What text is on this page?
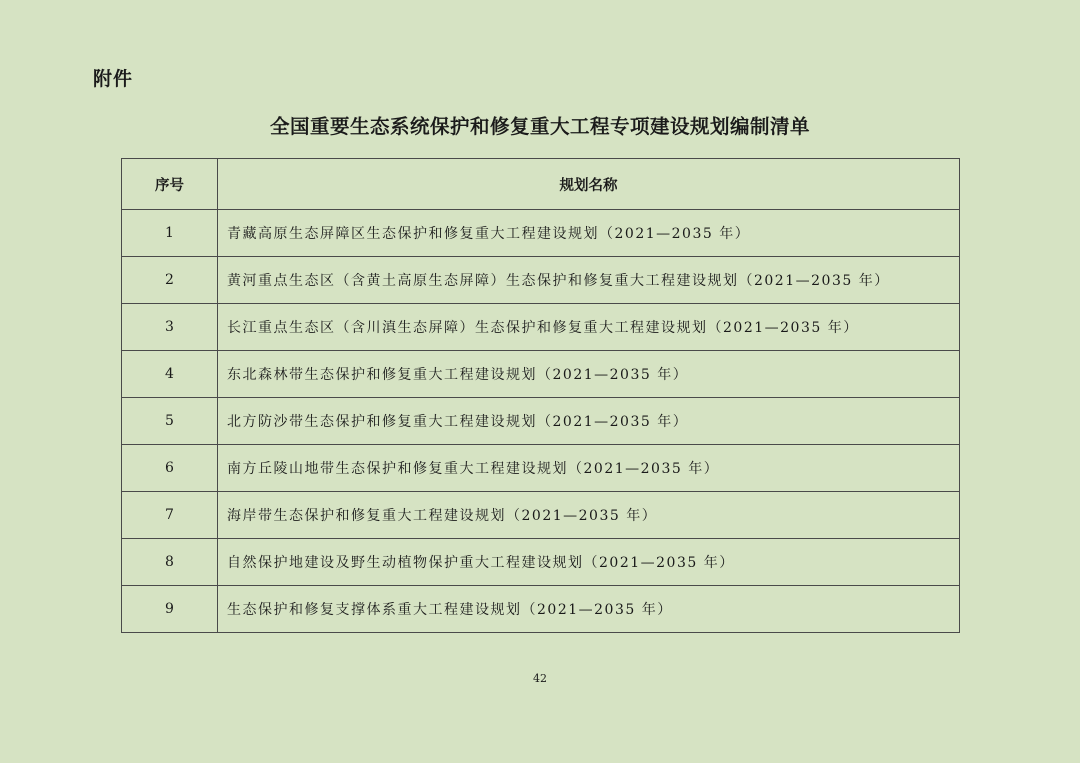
附件
全国重要生态系统保护和修复重大工程专项建设规划编制清单
序号	规划名称
1	青藏高原生态屏障区生态保护和修复重大工程建设规划（2021—2035 年）
2	黄河重点生态区（含黄土高原生态屏障）生态保护和修复重大工程建设规划（2021—2035 年）
3	长江重点生态区（含川滇生态屏障）生态保护和修复重大工程建设规划（2021—2035 年）
4	东北森林带生态保护和修复重大工程建设规划（2021—2035 年）
5	北方防沙带生态保护和修复重大工程建设规划（2021—2035 年）
6	南方丘陵山地带生态保护和修复重大工程建设规划（2021—2035 年）
7	海岸带生态保护和修复重大工程建设规划（2021—2035 年）
8	自然保护地建设及野生动植物保护重大工程建设规划（2021—2035 年）
9	生态保护和修复支撑体系重大工程建设规划（2021—2035 年）
42
